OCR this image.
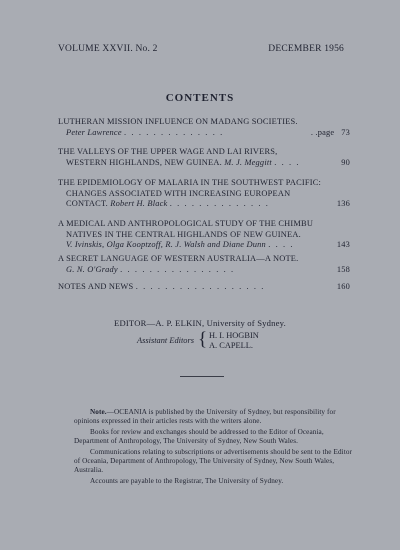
VOLUME XXVII. No. 2	DECEMBER 1956
CONTENTS
LUTHERAN MISSION INFLUENCE ON MADANG SOCIETIES.
Peter Lawrence . . . . . . . . . . . . . .	. .page 73
THE VALLEYS OF THE UPPER WAGE AND LAI RIVERS,
WESTERN HIGHLANDS, NEW GUINEA. M. J. Meggitt . . . .	90
THE EPIDEMIOLOGY OF MALARIA IN THE SOUTHWEST PACIFIC:
CHANGES ASSOCIATED WITH INCREASING EUROPEAN
CONTACT. Robert H. Black . . . . . . . . . . . . . .	136
A MEDICAL AND ANTHROPOLOGICAL STUDY OF THE CHIMBU
NATIVES IN THE CENTRAL HIGHLANDS OF NEW GUINEA.
V. Ivinskis, Olga Kooptzoff, R. J. Walsh and Diane Dunn . . . .	143
A SECRET LANGUAGE OF WESTERN AUSTRALIA—A NOTE.
G. N. O'Grady . . . . . . . . . . . . . . . .	158
NOTES AND NEWS . . . . . . . . . . . . . . . . . .	160
EDITOR—A. P. ELKIN, University of Sydney.
Assistant Editors { H. I. HOGBIN
A. CAPELL.

Note.—OCEANIA is published by the University of Sydney, but responsibility for opinions expressed in their articles rests with the writers alone.

Books for review and exchanges should be addressed to the Editor of Oceania, Department of Anthropology, The University of Sydney, New South Wales.

Communications relating to subscriptions or advertisements should be sent to the Editor of Oceania, Department of Anthropology, The University of Sydney, New South Wales, Australia.

Accounts are payable to the Registrar, The University of Sydney.
